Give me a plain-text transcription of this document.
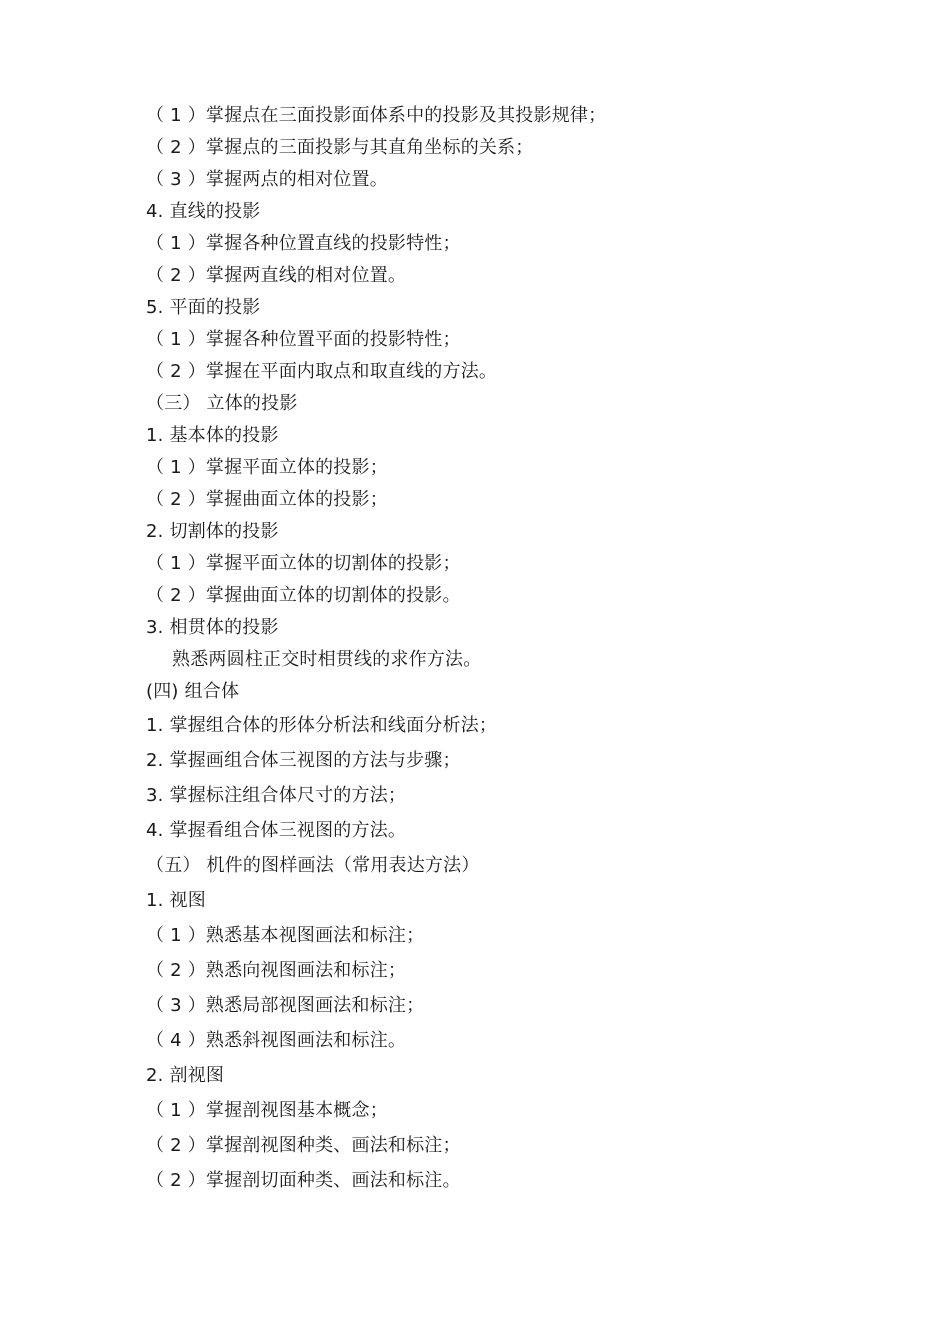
（ 1 ）掌握点在三面投影面体系中的投影及其投影规律；
（ 2 ）掌握点的三面投影与其直角坐标的关系；
（ 3 ）掌握两点的相对位置。
4. 直线的投影
（ 1 ）掌握各种位置直线的投影特性；
（ 2 ）掌握两直线的相对位置。
5. 平面的投影
（ 1 ）掌握各种位置平面的投影特性；
（ 2 ）掌握在平面内取点和取直线的方法。
（三） 立体的投影
1. 基本体的投影
（ 1 ）掌握平面立体的投影；
（ 2 ）掌握曲面立体的投影；
2. 切割体的投影
（ 1 ）掌握平面立体的切割体的投影；
（ 2 ）掌握曲面立体的切割体的投影。
3. 相贯体的投影
熟悉两圆柱正交时相贯线的求作方法。
(四) 组合体
1. 掌握组合体的形体分析法和线面分析法；
2. 掌握画组合体三视图的方法与步骤；
3. 掌握标注组合体尺寸的方法；
4. 掌握看组合体三视图的方法。
（五） 机件的图样画法（常用表达方法）
1. 视图
（ 1 ）熟悉基本视图画法和标注；
（ 2 ）熟悉向视图画法和标注；
（ 3 ）熟悉局部视图画法和标注；
（ 4 ）熟悉斜视图画法和标注。
2. 剖视图
（ 1 ）掌握剖视图基本概念；
（ 2 ）掌握剖视图种类、画法和标注；
（ 2 ）掌握剖切面种类、画法和标注。
